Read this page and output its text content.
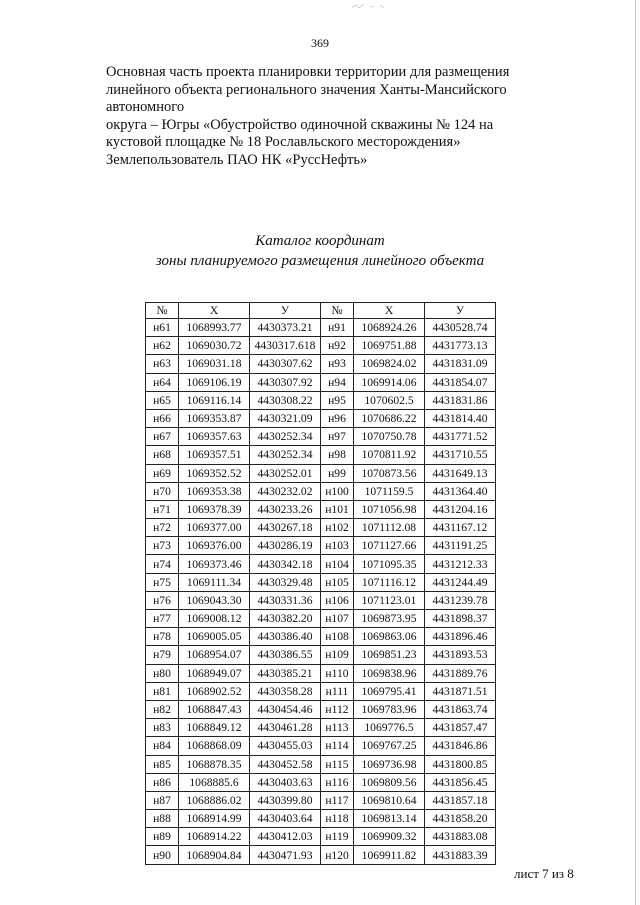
369
Основная часть проекта планировки территории для размещения
линейного объекта регионального значения Ханты-Мансийского
автономного
округа – Югры «Обустройство одиночной скважины № 124 на
кустовой площадке № 18 Рославльского месторождения»
Землепользователь ПАО НК «РуссНефть»
Каталог координат
зоны планируемого размещения линейного объекта
№	X	У	№	X	У
н61	1068993.77	4430373.21	н91	1068924.26	4430528.74
н62	1069030.72	4430317.618	н92	1069751.88	4431773.13
н63	1069031.18	4430307.62	н93	1069824.02	4431831.09
н64	1069106.19	4430307.92	н94	1069914.06	4431854.07
н65	1069116.14	4430308.22	н95	1070602.5	4431831.86
н66	1069353.87	4430321.09	н96	1070686.22	4431814.40
н67	1069357.63	4430252.34	н97	1070750.78	4431771.52
н68	1069357.51	4430252.34	н98	1070811.92	4431710.55
н69	1069352.52	4430252.01	н99	1070873.56	4431649.13
н70	1069353.38	4430232.02	н100	1071159.5	4431364.40
н71	1069378.39	4430233.26	н101	1071056.98	4431204.16
н72	1069377.00	4430267.18	н102	1071112.08	4431167.12
н73	1069376.00	4430286.19	н103	1071127.66	4431191.25
н74	1069373.46	4430342.18	н104	1071095.35	4431212.33
н75	1069111.34	4430329.48	н105	1071116.12	4431244.49
н76	1069043.30	4430331.36	н106	1071123.01	4431239.78
н77	1069008.12	4430382.20	н107	1069873.95	4431898.37
н78	1069005.05	4430386.40	н108	1069863.06	4431896.46
н79	1068954.07	4430386.55	н109	1069851.23	4431893.53
н80	1068949.07	4430385.21	н110	1069838.96	4431889.76
н81	1068902.52	4430358.28	н111	1069795.41	4431871.51
н82	1068847.43	4430454.46	н112	1069783.96	4431863.74
н83	1068849.12	4430461.28	н113	1069776.5	4431857.47
н84	1068868.09	4430455.03	н114	1069767.25	4431846.86
н85	1068878.35	4430452.58	н115	1069736.98	4431800.85
н86	1068885.6	4430403.63	н116	1069809.56	4431856.45
н87	1068886.02	4430399.80	н117	1069810.64	4431857.18
н88	1068914.99	4430403.64	н118	1069813.14	4431858.20
н89	1068914.22	4430412.03	н119	1069909.32	4431883.08
н90	1068904.84	4430471.93	н120	1069911.82	4431883.39
лист 7 из 8
